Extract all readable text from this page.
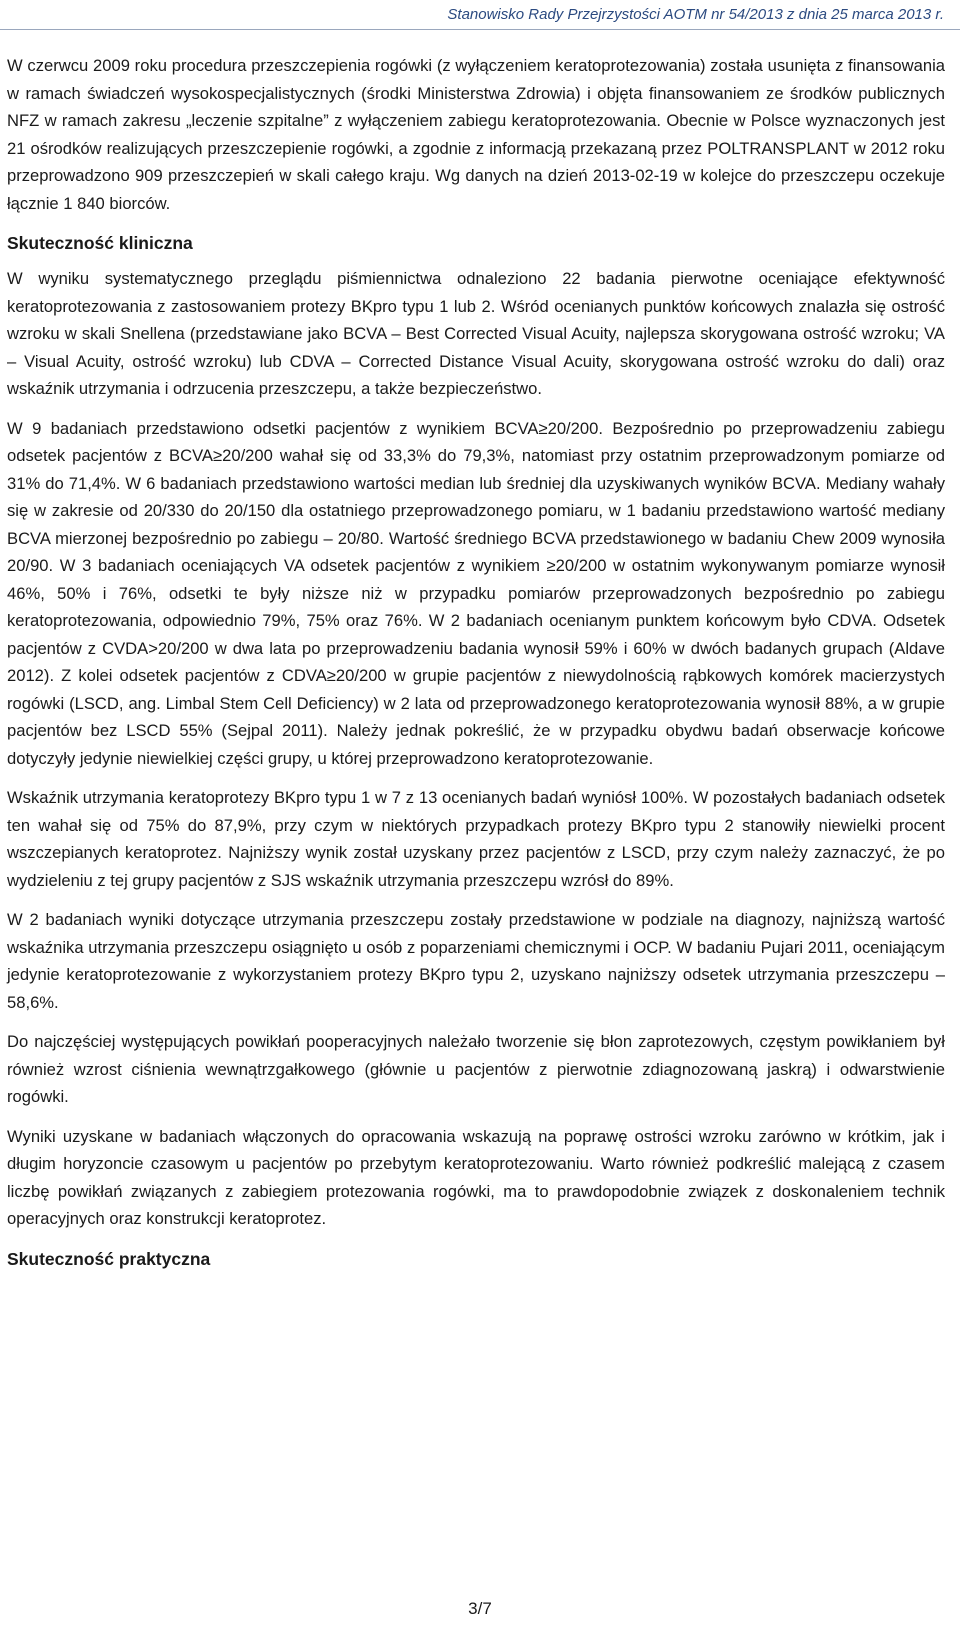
Stanowisko Rady Przejrzystości AOTM nr 54/2013 z dnia 25 marca 2013 r.

W czerwcu 2009 roku procedura przeszczepienia rogówki (z wyłączeniem keratoprotezowania) została usunięta z finansowania w ramach świadczeń wysokospecjalistycznych (środki Ministerstwa Zdrowia) i objęta finansowaniem ze środków publicznych NFZ w ramach zakresu „leczenie szpitalne” z wyłączeniem zabiegu keratoprotezowania. Obecnie w Polsce wyznaczonych jest 21 ośrodków realizujących przeszczepienie rogówki, a zgodnie z informacją przekazaną przez POLTRANSPLANT w 2012 roku przeprowadzono 909 przeszczepień w skali całego kraju. Wg danych na dzień 2013-02-19 w kolejce do przeszczepu oczekuje łącznie 1 840 biorców.

Skuteczność kliniczna

W wyniku systematycznego przeglądu piśmiennictwa odnaleziono 22 badania pierwotne oceniające efektywność keratoprotezowania z zastosowaniem protezy BKpro typu 1 lub 2. Wśród ocenianych punktów końcowych znalazła się ostrość wzroku w skali Snellena (przedstawiane jako BCVA – Best Corrected Visual Acuity, najlepsza skorygowana ostrość wzroku; VA – Visual Acuity, ostrość wzroku) lub CDVA – Corrected Distance Visual Acuity, skorygowana ostrość wzroku do dali) oraz wskaźnik utrzymania i odrzucenia przeszczepu, a także bezpieczeństwo.

W 9 badaniach przedstawiono odsetki pacjentów z wynikiem BCVA≥20/200. Bezpośrednio po przeprowadzeniu zabiegu odsetek pacjentów z BCVA≥20/200 wahał się od 33,3% do 79,3%, natomiast przy ostatnim przeprowadzonym pomiarze od 31% do 71,4%. W 6 badaniach przedstawiono wartości median lub średniej dla uzyskiwanych wyników BCVA. Mediany wahały się w zakresie od 20/330 do 20/150 dla ostatniego przeprowadzonego pomiaru, w 1 badaniu przedstawiono wartość mediany BCVA mierzonej bezpośrednio po zabiegu – 20/80. Wartość średniego BCVA przedstawionego w badaniu Chew 2009 wynosiła 20/90. W 3 badaniach oceniających VA odsetek pacjentów z wynikiem ≥20/200 w ostatnim wykonywanym pomiarze wynosił 46%, 50% i 76%, odsetki te były niższe niż w przypadku pomiarów przeprowadzonych bezpośrednio po zabiegu keratoprotezowania, odpowiednio 79%, 75% oraz 76%. W 2 badaniach ocenianym punktem końcowym było CDVA. Odsetek pacjentów z CVDA>20/200 w dwa lata po przeprowadzeniu badania wynosił 59% i 60% w dwóch badanych grupach (Aldave 2012). Z kolei odsetek pacjentów z CDVA≥20/200 w grupie pacjentów z niewydolnością rąbkowych komórek macierzystych rogówki (LSCD, ang. Limbal Stem Cell Deficiency) w 2 lata od przeprowadzonego keratoprotezowania wynosił 88%, a w grupie pacjentów bez LSCD 55% (Sejpal 2011). Należy jednak pokreślić, że w przypadku obydwu badań obserwacje końcowe dotyczyły jedynie niewielkiej części grupy, u której przeprowadzono keratoprotezowanie.

Wskaźnik utrzymania keratoprotezy BKpro typu 1 w 7 z 13 ocenianych badań wyniósł 100%. W pozostałych badaniach odsetek ten wahał się od 75% do 87,9%, przy czym w niektórych przypadkach protezy BKpro typu 2 stanowiły niewielki procent wszczepianych keratoprotez. Najniższy wynik został uzyskany przez pacjentów z LSCD, przy czym należy zaznaczyć, że po wydzieleniu z tej grupy pacjentów z SJS wskaźnik utrzymania przeszczepu wzrósł do 89%.

W 2 badaniach wyniki dotyczące utrzymania przeszczepu zostały przedstawione w podziale na diagnozy, najniższą wartość wskaźnika utrzymania przeszczepu osiągnięto u osób z poparzeniami chemicznymi i OCP. W badaniu Pujari 2011, oceniającym jedynie keratoprotezowanie z wykorzystaniem protezy BKpro typu 2, uzyskano najniższy odsetek utrzymania przeszczepu – 58,6%.

Do najczęściej występujących powikłań pooperacyjnych należało tworzenie się błon zaprotezowych, częstym powikłaniem był również wzrost ciśnienia wewnątrzgałkowego (głównie u pacjentów z pierwotnie zdiagnozowaną jaskrą) i odwarstwienie rogówki.

Wyniki uzyskane w badaniach włączonych do opracowania wskazują na poprawę ostrości wzroku zarówno w krótkim, jak i długim horyzoncie czasowym u pacjentów po przebytym keratoprotezowaniu. Warto również podkreślić malejącą z czasem liczbę powikłań związanych z zabiegiem protezowania rogówki, ma to prawdopodobnie związek z doskonaleniem technik operacyjnych oraz konstrukcji keratoprotez.

Skuteczność praktyczna
3/7
